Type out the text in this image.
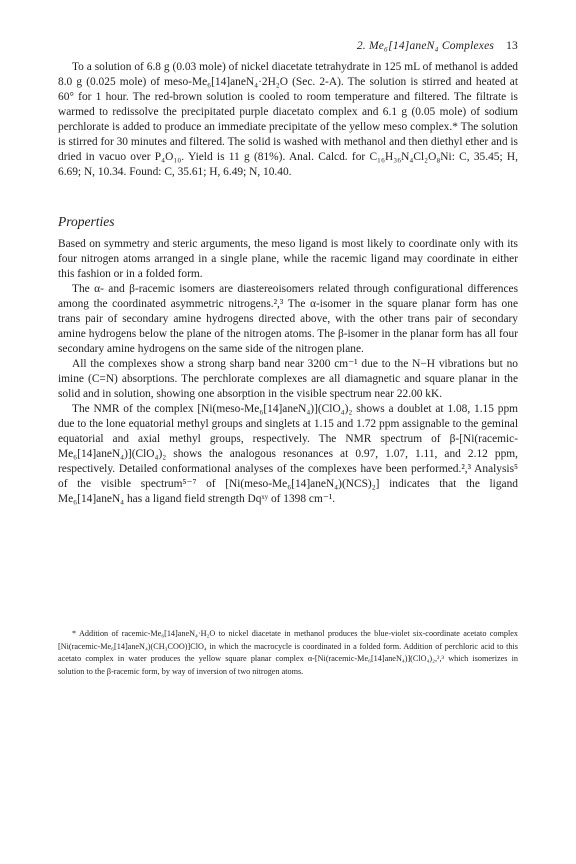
2. Me₆[14]aneN₄ Complexes 13

To a solution of 6.8 g (0.03 mole) of nickel diacetate tetrahydrate in 125 mL of methanol is added 8.0 g (0.025 mole) of meso-Me₆[14]aneN₄·2H₂O (Sec. 2-A). The solution is stirred and heated at 60° for 1 hour. The red-brown solution is cooled to room temperature and filtered. The filtrate is warmed to redissolve the precipitated purple diacetato complex and 6.1 g (0.05 mole) of sodium perchlorate is added to produce an immediate precipitate of the yellow meso complex.* The solution is stirred for 30 minutes and filtered. The solid is washed with methanol and then diethyl ether and is dried in vacuo over P₄O₁₀. Yield is 11 g (81%). Anal. Calcd. for C₁₆H₃₆N₄Cl₂O₈Ni: C, 35.45; H, 6.69; N, 10.34. Found: C, 35.61; H, 6.49; N, 10.40.

Properties

Based on symmetry and steric arguments, the meso ligand is most likely to coordinate only with its four nitrogen atoms arranged in a single plane, while the racemic ligand may coordinate in either this fashion or in a folded form.

The α- and β-racemic isomers are diastereoisomers related through configurational differences among the coordinated asymmetric nitrogens.²,³ The α-isomer in the square planar form has one trans pair of secondary amine hydrogens directed above, with the other trans pair of secondary amine hydrogens below the plane of the nitrogen atoms. The β-isomer in the planar form has all four secondary amine hydrogens on the same side of the nitrogen plane.

All the complexes show a strong sharp band near 3200 cm⁻¹ due to the N−H vibrations but no imine (C=N) absorptions. The perchlorate complexes are all diamagnetic and square planar in the solid and in solution, showing one absorption in the visible spectrum near 22.00 kK.

The NMR of the complex [Ni(meso-Me₆[14]aneN₄)](ClO₄)₂ shows a doublet at 1.08, 1.15 ppm due to the lone equatorial methyl groups and singlets at 1.15 and 1.72 ppm assignable to the geminal equatorial and axial methyl groups, respectively. The NMR spectrum of β-[Ni(racemic-Me₆[14]aneN₄)](ClO₄)₂ shows the analogous resonances at 0.97, 1.07, 1.11, and 2.12 ppm, respectively. Detailed conformational analyses of the complexes have been performed.²,³ Analysis⁵ of the visible spectrum⁵⁻⁷ of [Ni(meso-Me₆[14]aneN₄)(NCS)₂] indicates that the ligand Me₆[14]aneN₄ has a ligand field strength Dqˣʸ of 1398 cm⁻¹.

* Addition of racemic-Me₆[14]aneN₄·H₂O to nickel diacetate in methanol produces the blue-violet six-coordinate acetato complex [Ni(racemic-Me₆[14]aneN₄)(CH₃COO)]ClO₄ in which the macrocycle is coordinated in a folded form. Addition of perchloric acid to this acetato complex in water produces the yellow square planar complex α-[Ni(racemic-Me₆[14]aneN₄)](ClO₄)₂,²,³ which isomerizes in solution to the β-racemic form, by way of inversion of two nitrogen atoms.
